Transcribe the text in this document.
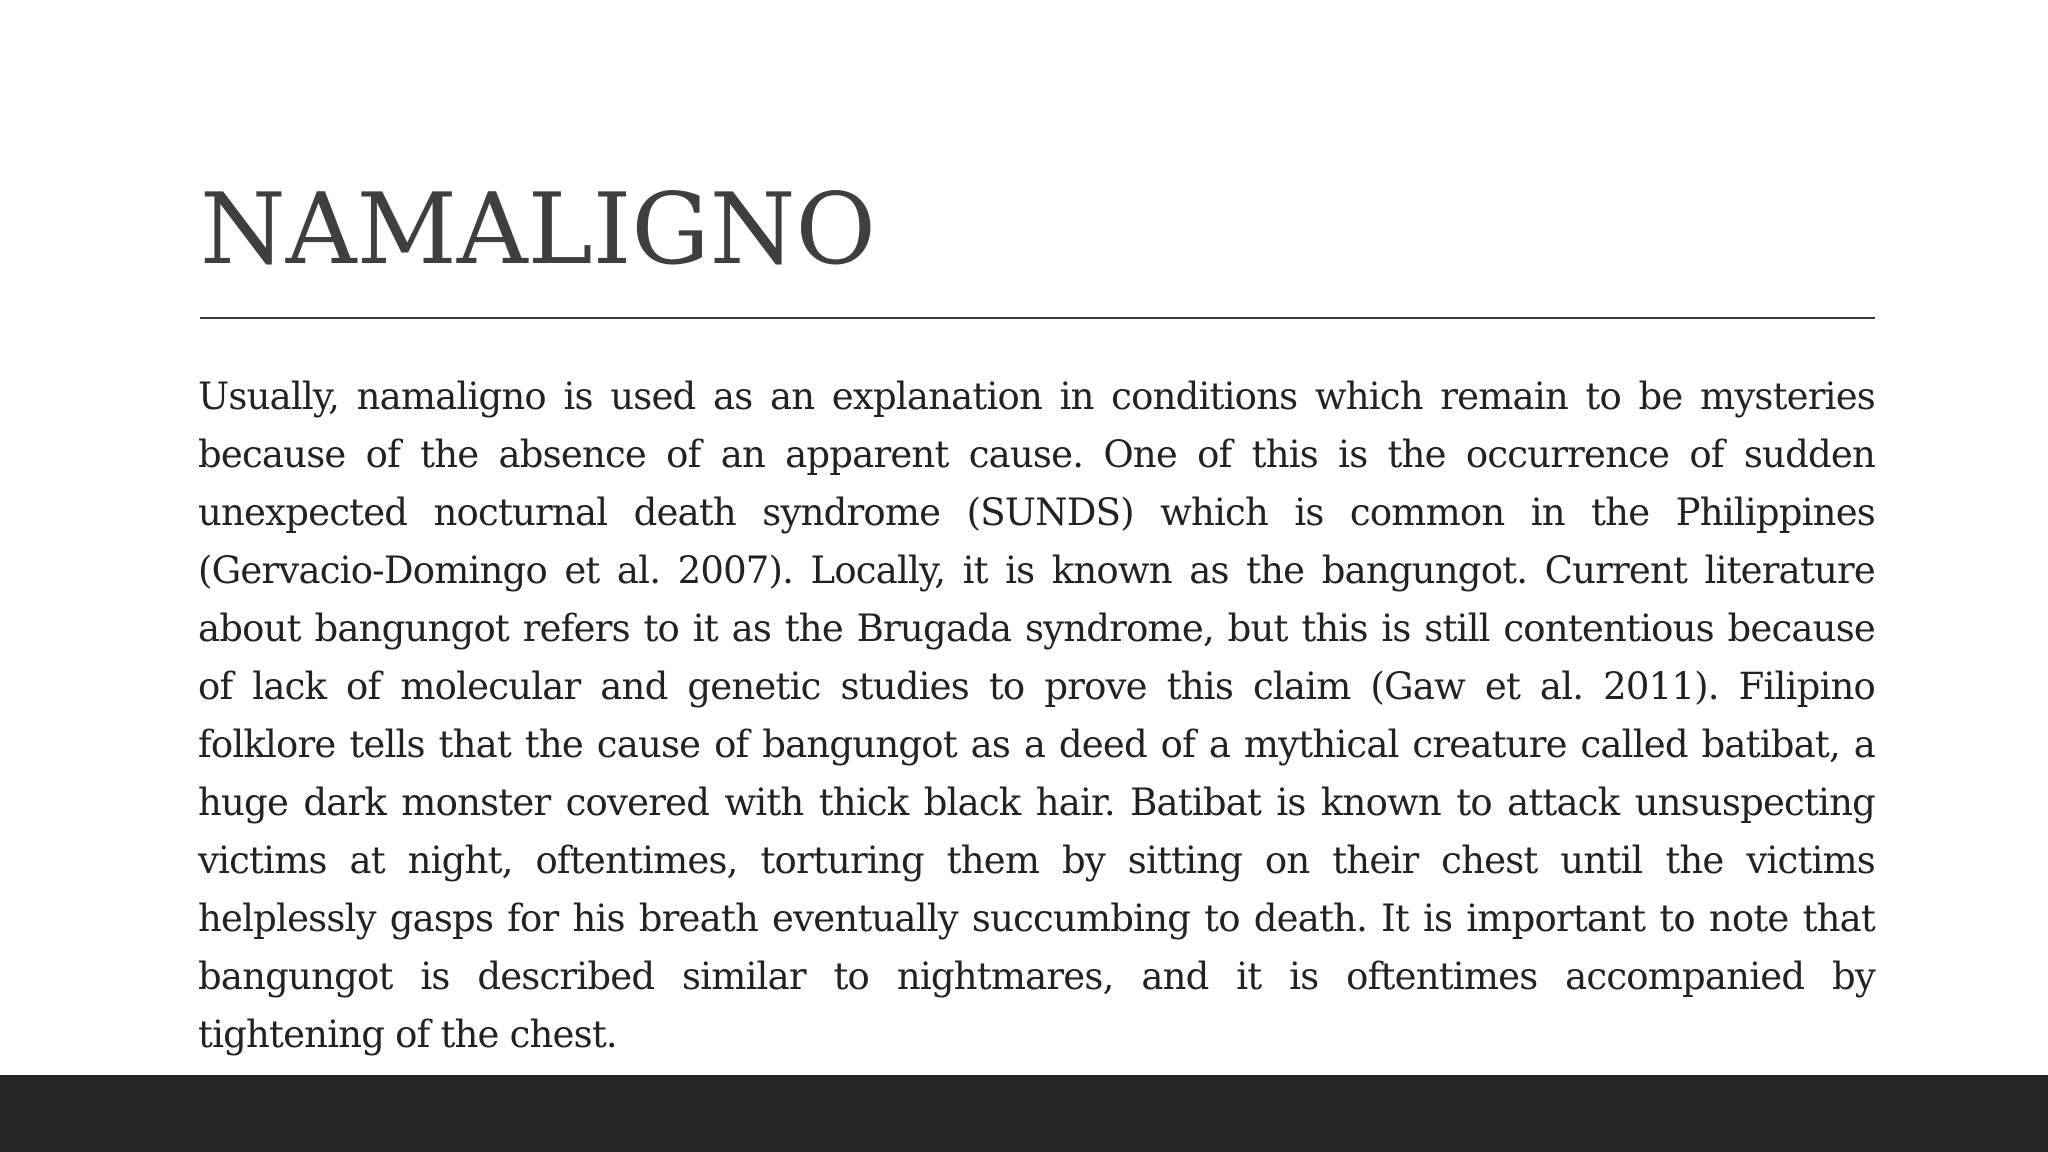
NAMALIGNO

Usually, namaligno is used as an explanation in conditions which remain to be mysteries because of the absence of an apparent cause. One of this is the occurrence of sudden unexpected nocturnal death syndrome (SUNDS) which is common in the Philippines (Gervacio-Domingo et al. 2007). Locally, it is known as the bangungot. Current literature about bangungot refers to it as the Brugada syndrome, but this is still contentious because of lack of molecular and genetic studies to prove this claim (Gaw et al. 2011). Filipino folklore tells that the cause of bangungot as a deed of a mythical creature called batibat, a huge dark monster covered with thick black hair. Batibat is known to attack unsuspecting victims at night, oftentimes, torturing them by sitting on their chest until the victims helplessly gasps for his breath eventually succumbing to death. It is important to note that bangungot is described similar to nightmares, and it is oftentimes accompanied by tightening of the chest.
